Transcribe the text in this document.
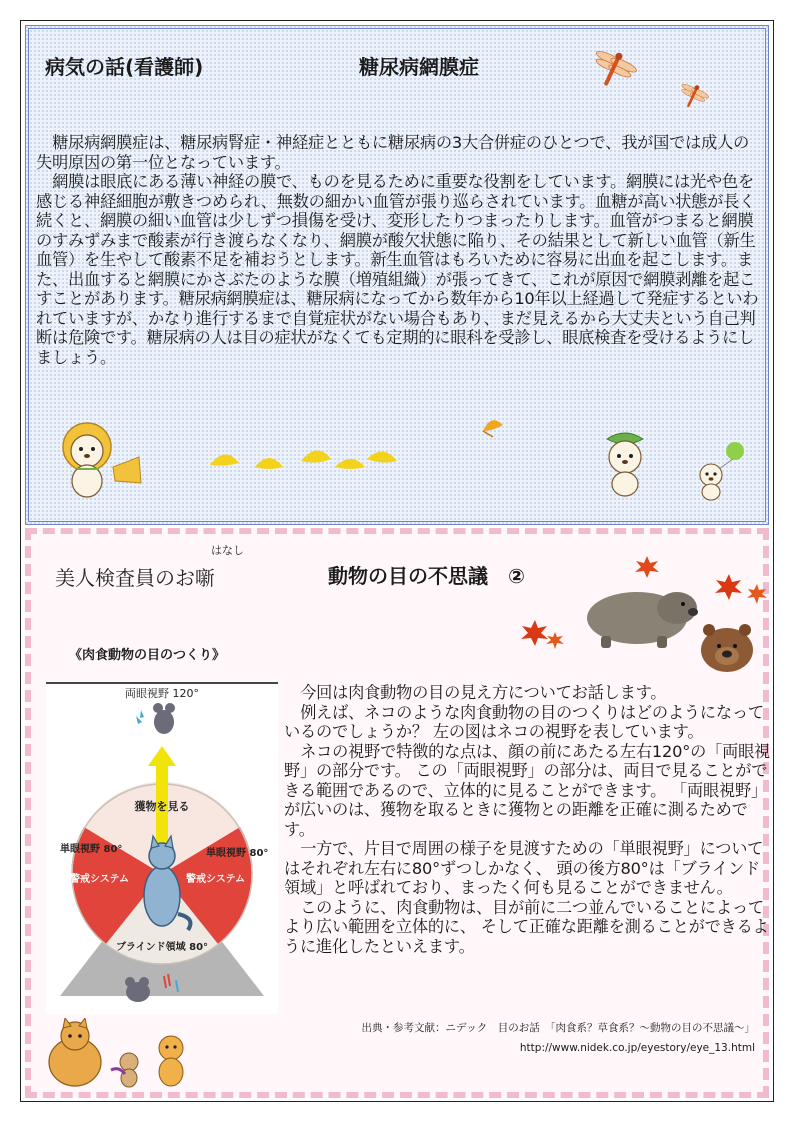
病気の話(看護師)	糖尿病網膜症

糖尿病網膜症は、糖尿病腎症・神経症とともに糖尿病の3大合併症のひとつで、我が国では成人の失明原因の第一位となっています。

網膜は眼底にある薄い神経の膜で、ものを見るために重要な役割をしています。網膜には光や色を感じる神経細胞が敷きつめられ、無数の細かい血管が張り巡らされています。血糖が高い状態が長く続くと、網膜の細い血管は少しずつ損傷を受け、変形したりつまったりします。血管がつまると網膜のすみずみまで酸素が行き渡らなくなり、網膜が酸欠状態に陥り、その結果として新しい血管（新生血管）を生やして酸素不足を補おうとします。新生血管はもろいために容易に出血を起こします。また、出血すると網膜にかさぶたのような膜（増殖組織）が張ってきて、これが原因で網膜剥離を起こすことがあります。糖尿病網膜症は、糖尿病になってから数年から10年以上経過して発症するといわれていますが、かなり進行するまで自覚症状がない場合もあり、まだ見えるから大丈夫という自己判断は危険です。糖尿病の人は目の症状がなくても定期的に眼科を受診し、眼底検査を受けるようにしましょう。

はなし
美人検査員のお噺	動物の目の不思議　②
《肉食動物の目のつくり》
両眼視野 120°
獲物を見る
単眼視野 80°	単眼視野 80°
警戒システム	警戒システム
ブラインド領域 80°

今回は肉食動物の目の見え方についてお話します。

例えば、ネコのような肉食動物の目のつくりはどのようになっているのでしょうか？ 左の図はネコの視野を表しています。

ネコの視野で特徴的な点は、顔の前にあたる左右120°の「両眼視野」の部分です。 この「両眼視野」の部分は、両目で見ることができる範囲であるので、立体的に見ることができます。 「両眼視野」が広いのは、獲物を取るときに獲物との距離を正確に測るためです。

一方で、片目で周囲の様子を見渡すための「単眼視野」についてはそれぞれ左右に80°ずつしかなく、 頭の後方80°は「ブラインド領域」と呼ばれており、まったく何も見ることができません。

このように、肉食動物は、目が前に二つ並んでいることによってより広い範囲を立体的に、 そして正確な距離を測ることができるように進化したといえます。

出典・参考文献：ニデック　目のお話　「肉食系？草食系？～動物の目の不思議～」
http://www.nidek.co.jp/eyestory/eye_13.html
